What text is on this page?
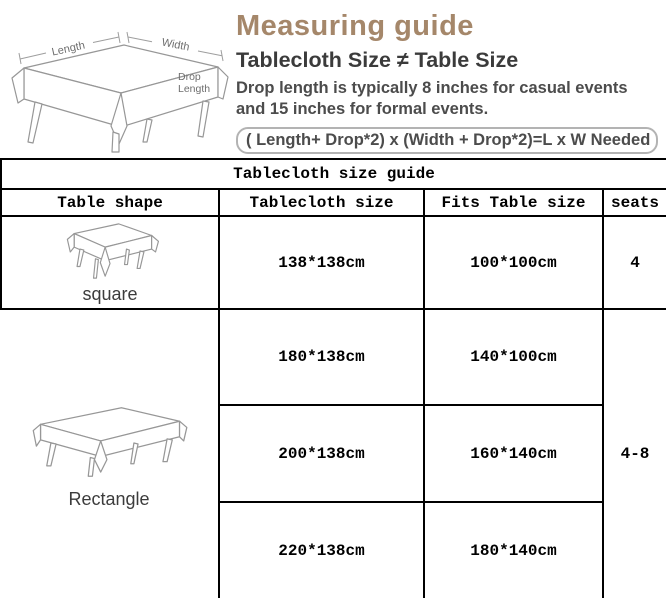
Length	Width
Drop
Length
Measuring guide
Tablecloth Size ≠ Table Size
Drop length is typically 8 inches for casual events and 15 inches for formal events.
( Length+ Drop*2) x (Width + Drop*2)=L x W Needed
Tablecloth size guide
Table shape	Tablecloth size	Fits Table size	seats
square
138*138cm	100*100cm	4
Rectangle
180*138cm	140*100cm
4-8
200*138cm	160*140cm
220*138cm	180*140cm
